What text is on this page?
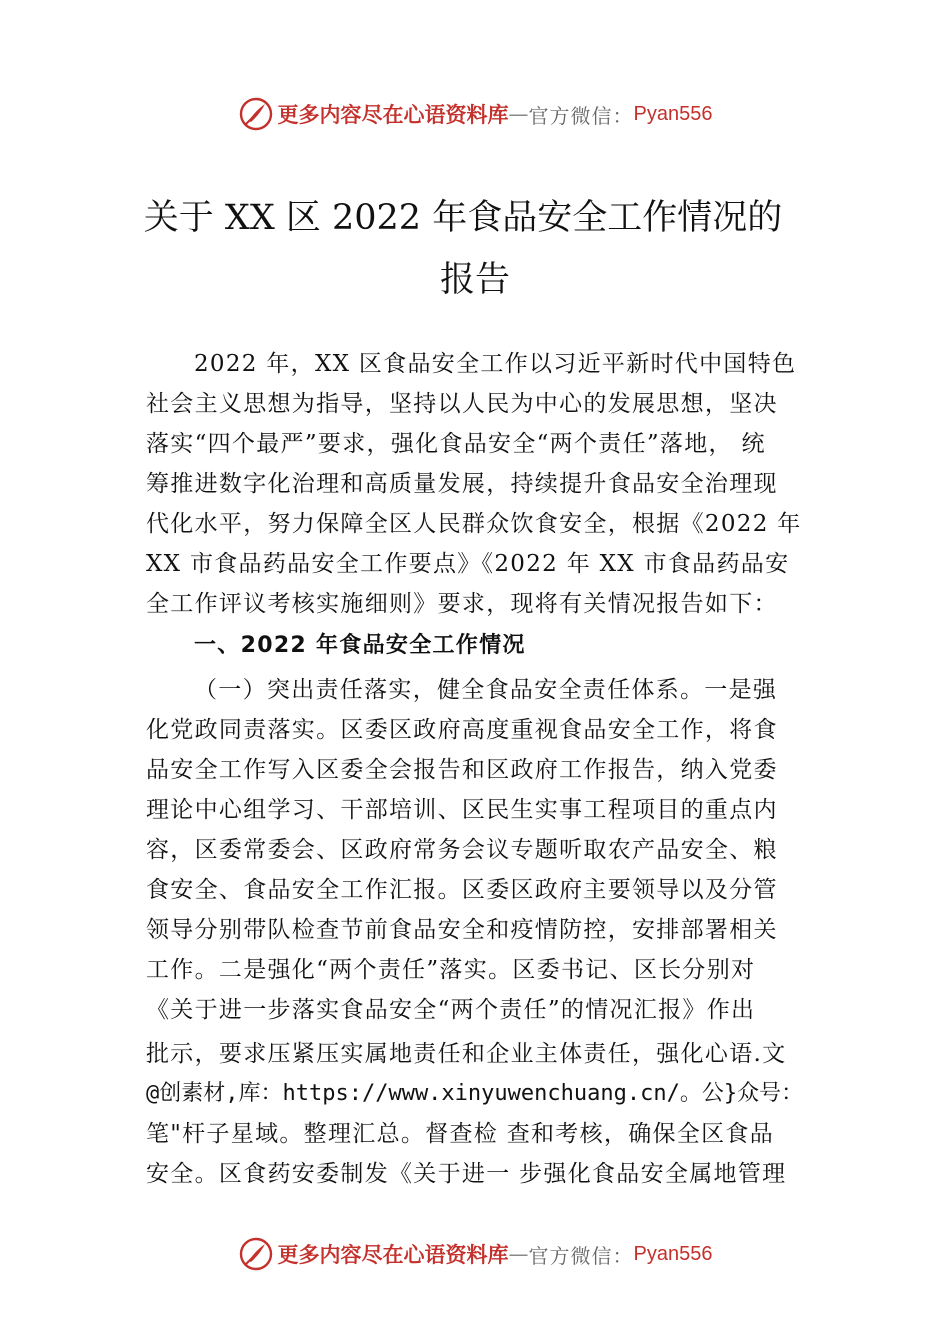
更多内容尽在心语资料库 — 官方微信： Pyan556
关于 XX 区 2022 年食品安全工作情况的
报告
2022 年，XX 区食品安全工作以习近平新时代中国特色
社会主义思想为指导，坚持以人民为中心的发展思想，坚决
落实“四个最严”要求，强化食品安全“两个责任”落地， 统
筹推进数字化治理和高质量发展，持续提升食品安全治理现
代化水平，努力保障全区人民群众饮食安全，根据《2022 年
XX 市食品药品安全工作要点》《2022 年 XX 市食品药品安
全工作评议考核实施细则》要求，现将有关情况报告如下：
一、2022 年食品安全工作情况
（一）突出责任落实，健全食品安全责任体系。一是强
化党政同责落实。区委区政府高度重视食品安全工作，将食
品安全工作写入区委全会报告和区政府工作报告，纳入党委
理论中心组学习、干部培训、区民生实事工程项目的重点内
容，区委常委会、区政府常务会议专题听取农产品安全、粮
食安全、食品安全工作汇报。区委区政府主要领导以及分管
领导分别带队检查节前食品安全和疫情防控，安排部署相关
工作。二是强化“两个责任”落实。区委书记、区长分别对
《关于进一步落实食品安全“两个责任”的情况汇报》作出
批示，要求压紧压实属地责任和企业主体责任，强化心语.文
@创素材,库：https://www.xinyuwenchuang.cn/。公}众号：
笔"杆子星域。整理汇总。督查检 查和考核，确保全区食品
安全。区食药安委制发《关于进一 步强化食品安全属地管理
更多内容尽在心语资料库 — 官方微信： Pyan556
